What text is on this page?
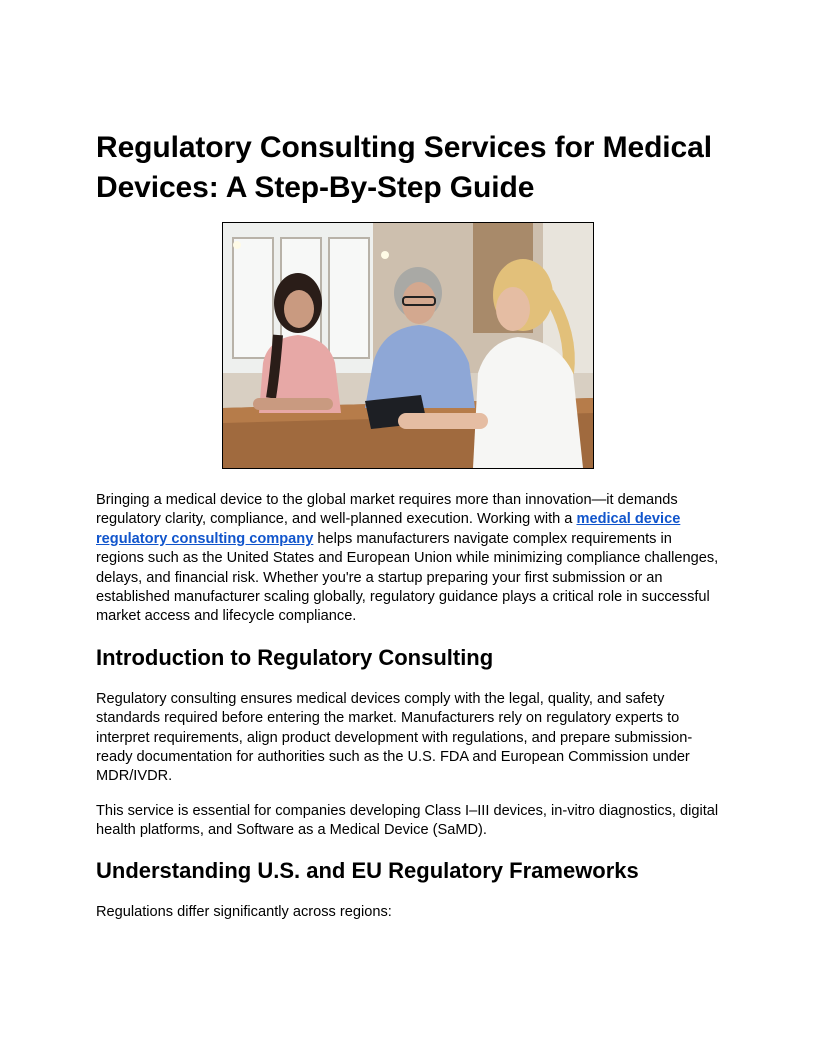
Regulatory Consulting Services for Medical Devices: A Step-By-Step Guide

Bringing a medical device to the global market requires more than innovation—it demands regulatory clarity, compliance, and well-planned execution. Working with a medical device regulatory consulting company helps manufacturers navigate complex requirements in regions such as the United States and European Union while minimizing compliance challenges, delays, and financial risk. Whether you're a startup preparing your first submission or an established manufacturer scaling globally, regulatory guidance plays a critical role in successful market access and lifecycle compliance.

Introduction to Regulatory Consulting

Regulatory consulting ensures medical devices comply with the legal, quality, and safety standards required before entering the market. Manufacturers rely on regulatory experts to interpret requirements, align product development with regulations, and prepare submission-ready documentation for authorities such as the U.S. FDA and European Commission under MDR/IVDR.

This service is essential for companies developing Class I–III devices, in-vitro diagnostics, digital health platforms, and Software as a Medical Device (SaMD).

Understanding U.S. and EU Regulatory Frameworks

Regulations differ significantly across regions:
